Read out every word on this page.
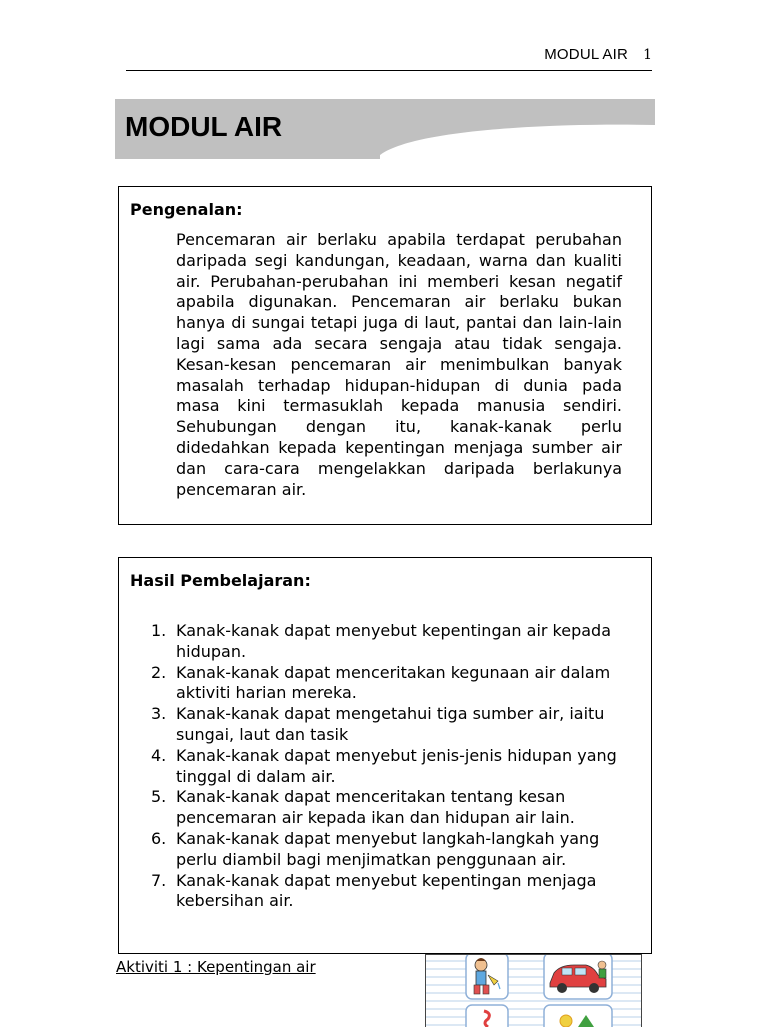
MODUL AIR 1
MODUL AIR
Pengenalan:

Pencemaran air berlaku apabila terdapat perubahan daripada segi kandungan, keadaan, warna dan kualiti air. Perubahan-perubahan ini memberi kesan negatif apabila digunakan. Pencemaran air berlaku bukan hanya di sungai tetapi juga di laut, pantai dan lain-lain lagi sama ada secara sengaja atau tidak sengaja. Kesan-kesan pencemaran air menimbulkan banyak masalah terhadap hidupan-hidupan di dunia pada masa kini termasuklah kepada manusia sendiri. Sehubungan dengan itu, kanak-kanak perlu didedahkan kepada kepentingan menjaga sumber air dan cara-cara mengelakkan daripada berlakunya pencemaran air.

Hasil Pembelajaran:
1. Kanak-kanak dapat menyebut kepentingan air kepada hidupan.
2. Kanak-kanak dapat menceritakan kegunaan air dalam aktiviti harian mereka.
3. Kanak-kanak dapat mengetahui tiga sumber air, iaitu sungai, laut dan tasik
4. Kanak-kanak dapat menyebut jenis-jenis hidupan yang tinggal di dalam air.
5. Kanak-kanak dapat menceritakan tentang kesan pencemaran air kepada ikan dan hidupan air lain.
6. Kanak-kanak dapat menyebut langkah-langkah yang
perlu diambil bagi menjimatkan penggunaan air.
7. Kanak-kanak dapat menyebut kepentingan menjaga
kebersihan air.
Aktiviti 1 : Kepentingan air
